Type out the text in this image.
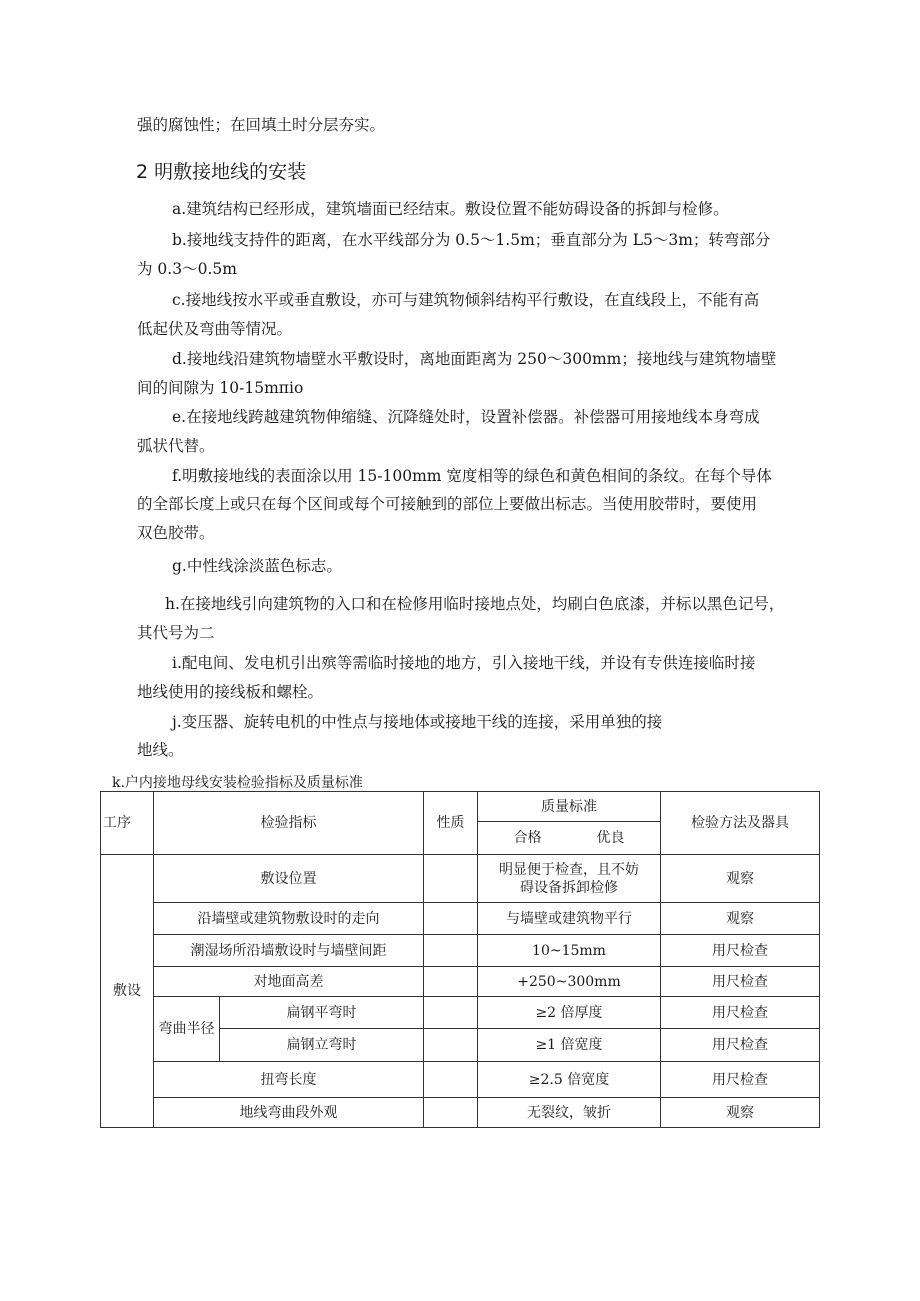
强的腐蚀性；在回填土时分层夯实。
2 明敷接地线的安装
a.建筑结构已经形成，建筑墙面已经结束。敷设位置不能妨碍设备的拆卸与检修。
b.接地线支持件的距离，在水平线部分为 0.5～1.5m；垂直部分为 L5～3m；转弯部分
为 0.3～0.5m
c.接地线按水平或垂直敷设，亦可与建筑物倾斜结构平行敷设，在直线段上，不能有高
低起伏及弯曲等情况。
d.接地线沿建筑物墙壁水平敷设时，离地面距离为 250～300mm；接地线与建筑物墙壁
间的间隙为 10-15mπio
e.在接地线跨越建筑物伸缩缝、沉降缝处时，设置补偿器。补偿器可用接地线本身弯成
弧状代替。
f.明敷接地线的表面涂以用 15-100mm 宽度相等的绿色和黄色相间的条纹。在每个导体
的全部长度上或只在每个区间或每个可接触到的部位上要做出标志。当使用胶带时，要使用
双色胶带。
g.中性线涂淡蓝色标志。
h.在接地线引向建筑物的入口和在检修用临时接地点处，均刷白色底漆，并标以黑色记号，
其代号为二
i.配电间、发电机引出殡等需临时接地的地方，引入接地干线，并设有专供连接临时接
地线使用的接线板和螺栓。
j.变压器、旋转电机的中性点与接地体或接地干线的连接，采用单独的接
地线。
k.户内接地母线安装检验指标及质量标准
工序	检验指标		性质	质量标准	检验方法及器具
				合格 优良	
敷设	敷设位置			明显便于检查，且不妨碍设备拆卸检修	观察
	沿墙壁或建筑物敷设时的走向			与墙壁或建筑物平行	观察
	潮湿场所沿墙敷设时与墙壁间距			10~15mm	用尺检查
	对地面高差			+250~300mm	用尺检查
	弯曲半径	扁钢平弯时		≥2 倍厚度	用尺检查
		扁钢立弯时		≥1 倍宽度	用尺检查
	扭弯长度			≥2.5 倍宽度	用尺检查
	地线弯曲段外观			无裂纹，皱折	观察
